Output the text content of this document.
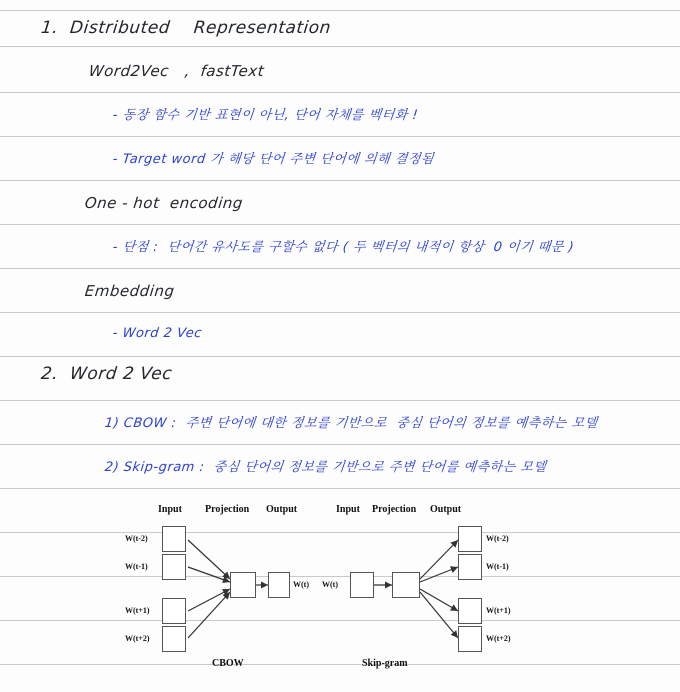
1.  Distributed    Representation
Word2Vec   ,  fastText
- 동장 함수 기반 표현이 아닌, 단어 자체를 벡터화 !
- Target word 가 해당 단어 주변 단어에 의해 결정됨
One - hot  encoding
- 단점 :  단어간 유사도를 구할수 없다 ( 두 벡터의 내적이 항상  0 이기 때문 )
Embedding
- Word 2 Vec
2.  Word 2 Vec
1) CBOW :  주변 단어에 대한 정보를 기반으로  중심 단어의 정보를 예측하는 모델
2) Skip-gram :  중심 단어의 정보를 기반으로 주변 단어를 예측하는 모델
Input Projection Output
W(t-2)
W(t-1)
W(t+1)
W(t+2)
W(t)
CBOW
Input Projection Output
W(t)
W(t-2)
W(t-1)
W(t+1)
W(t+2)
Skip-gram
